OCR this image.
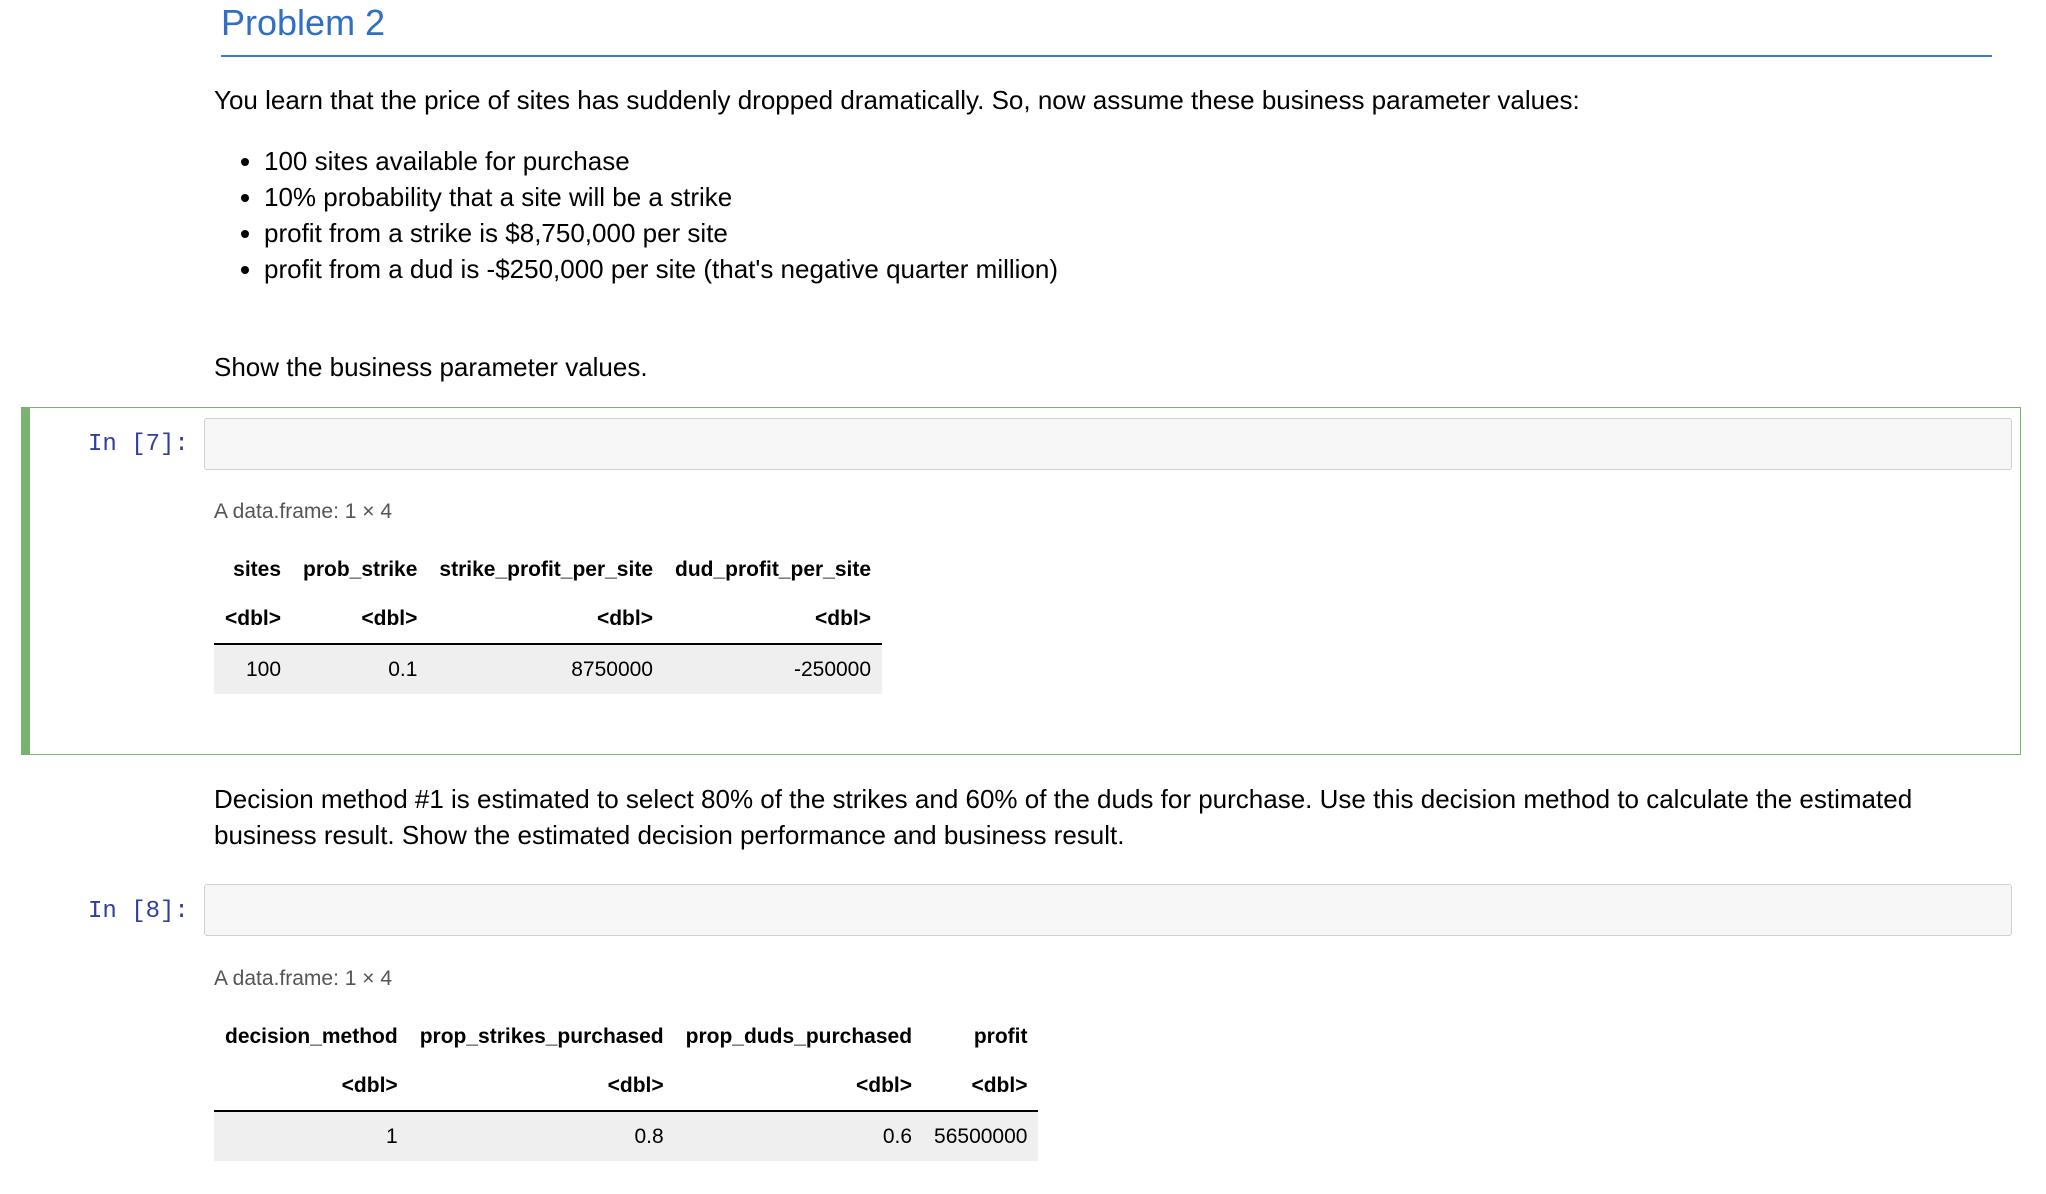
Problem 2
You learn that the price of sites has suddenly dropped dramatically. So, now assume these business parameter values:
• 100 sites available for purchase
• 10% probability that a site will be a strike
• profit from a strike is $8,750,000 per site
• profit from a dud is -$250,000 per site (that's negative quarter million)
Show the business parameter values.
In [7]:
A data.frame: 1 × 4
sites	prob_strike	strike_profit_per_site	dud_profit_per_site
<dbl>	<dbl>	<dbl>	<dbl>
100	0.1	8750000	-250000
Decision method #1 is estimated to select 80% of the strikes and 60% of the duds for purchase. Use this decision method to calculate the estimated business result. Show the estimated decision performance and business result.
In [8]:
A data.frame: 1 × 4
decision_method	prop_strikes_purchased	prop_duds_purchased	profit
<dbl>	<dbl>	<dbl>	<dbl>
1	0.8	0.6	56500000
